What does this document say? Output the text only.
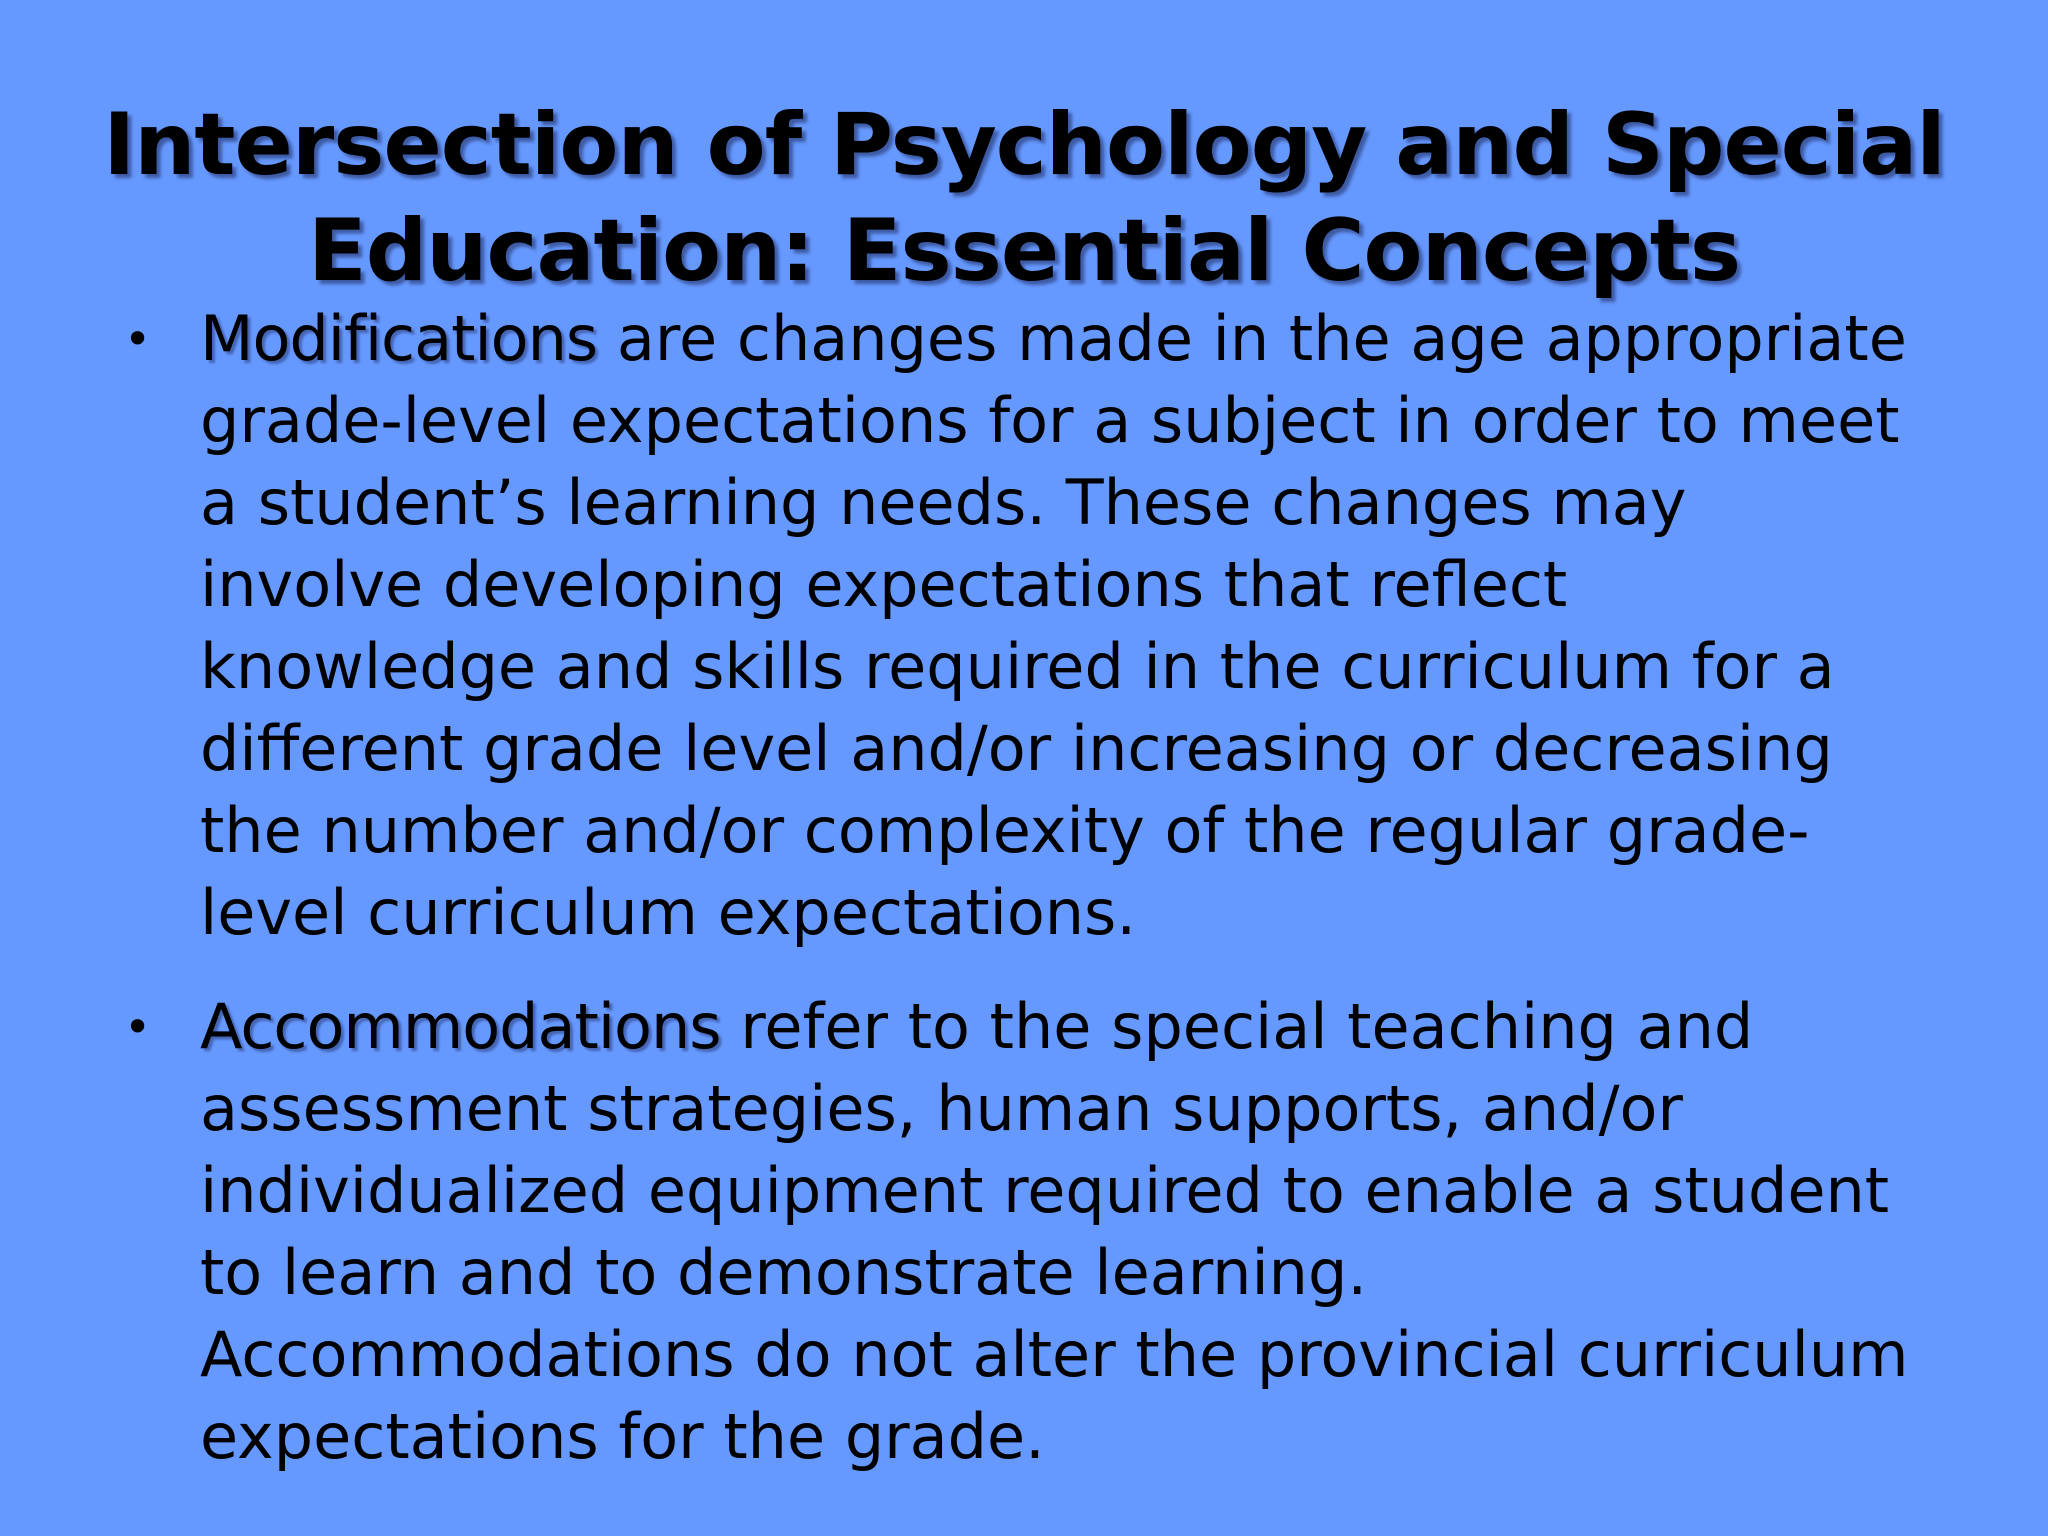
Intersection of Psychology and Special Education: Essential Concepts
• Modifications are changes made in the age appropriate grade-level expectations for a subject in order to meet a student’s learning needs. These changes may involve developing expectations that reflect knowledge and skills required in the curriculum for a different grade level and/or increasing or decreasing the number and/or complexity of the regular grade-level curriculum expectations.
• Accommodations refer to the special teaching and assessment strategies, human supports, and/or individualized equipment required to enable a student to learn and to demonstrate learning. Accommodations do not alter the provincial curriculum expectations for the grade.
